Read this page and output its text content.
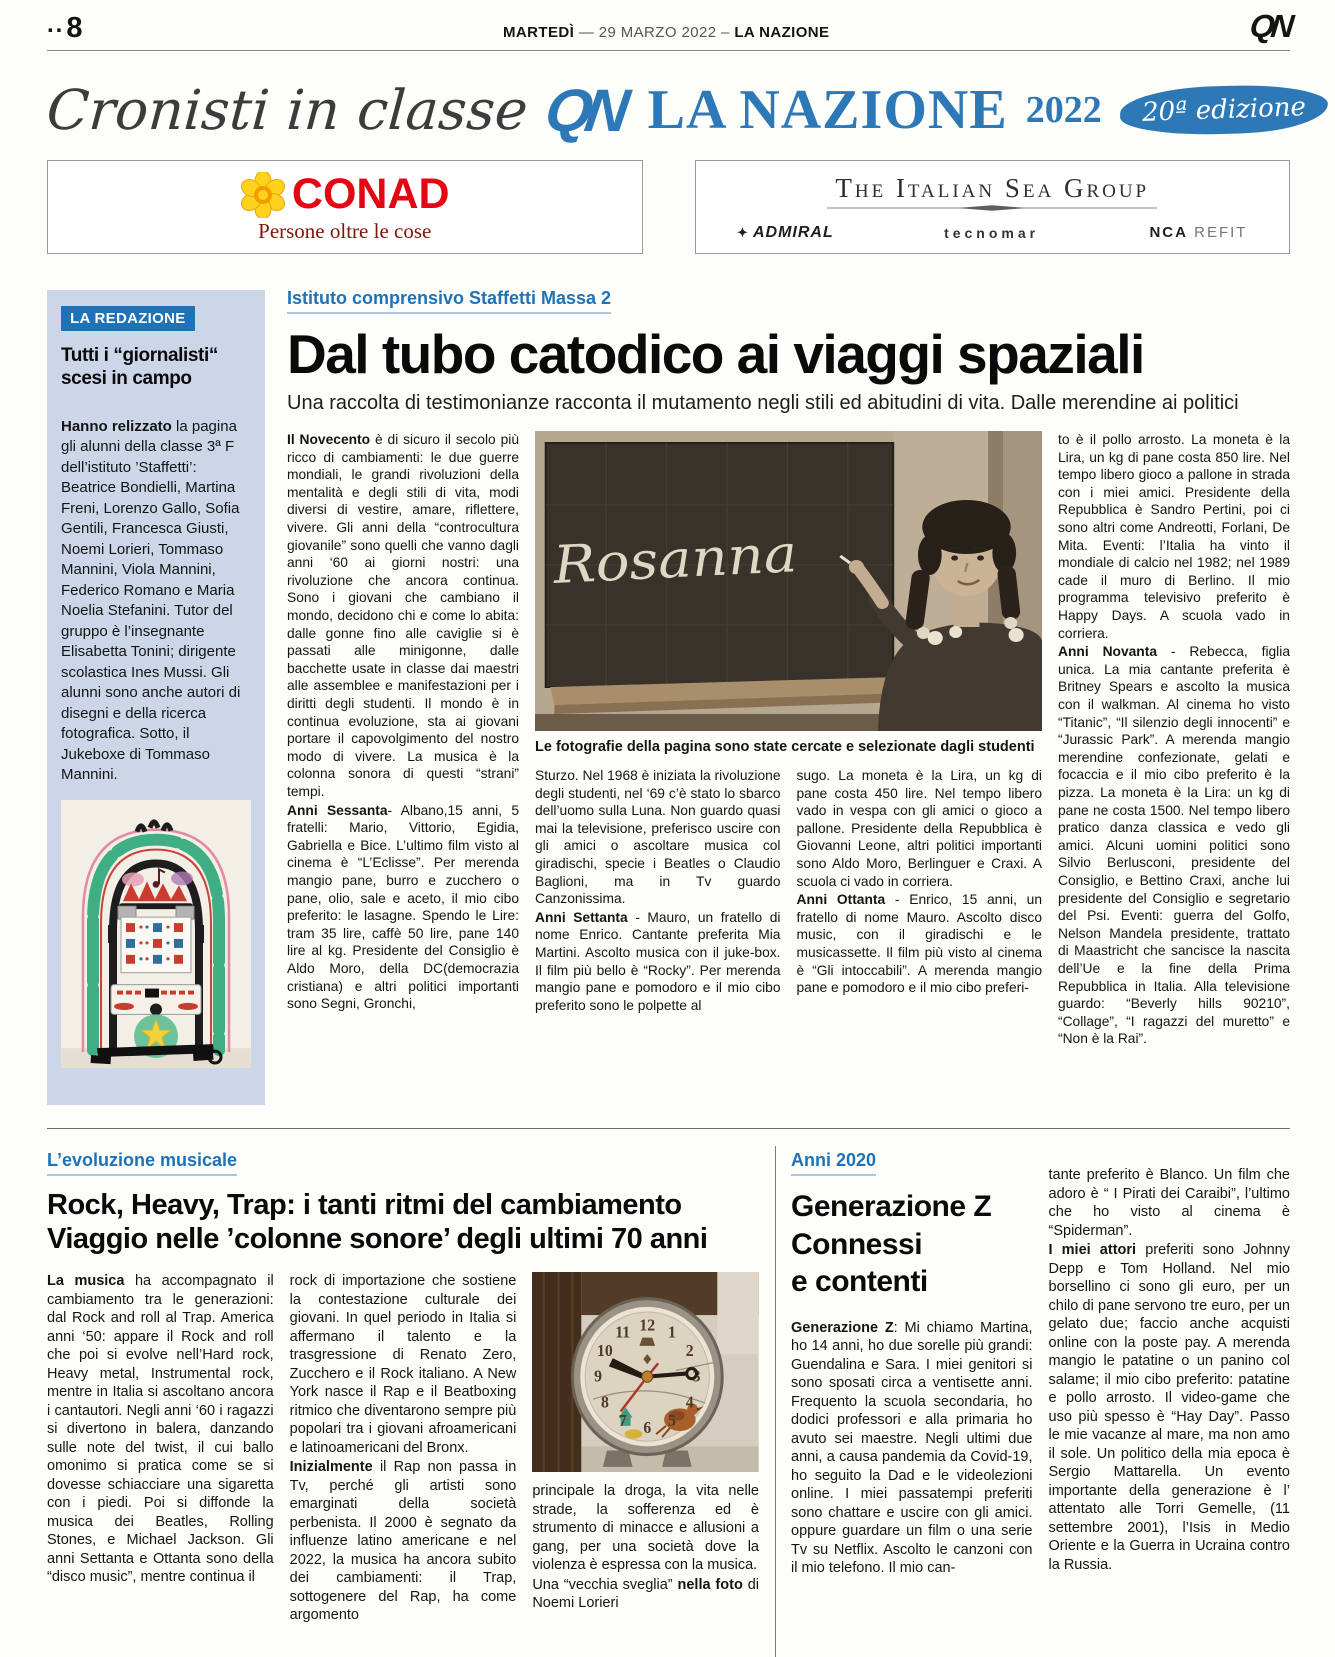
..8	MARTEDÌ — 29 MARZO 2022 – LA NAZIONE	QN
Cronisti in classe QN LA NAZIONE 2022	20ª edizione
CONAD
Persone oltre le cose
The Italian Sea Group
✦ ADMIRAL	tecnomar	NCA REFIT
LA REDAZIONE
Tutti i “giornalisti“ scesi in campo

Hanno relizzato la pagina gli alunni della classe 3ª F dell’istituto ’Staffetti’: Beatrice Bondielli, Martina Freni, Lorenzo Gallo, Sofia Gentili, Francesca Giusti, Noemi Lorieri, Tommaso Mannini, Viola Mannini, Federico Romano e Maria Noelia Stefanini. Tutor del gruppo è l’insegnante Elisabetta Tonini; dirigente scolastica Ines Mussi. Gli alunni sono anche autori di disegni e della ricerca fotografica. Sotto, il Jukeboxe di Tommaso Mannini.

Istituto comprensivo Staffetti Massa 2
Dal tubo catodico ai viaggi spaziali
Una raccolta di testimonianze racconta il mutamento negli stili ed abitudini di vita. Dalle merendine ai politici

Il Novecento è di sicuro il secolo più ricco di cambiamenti: le due guerre mondiali, le grandi rivoluzioni della mentalità e degli stili di vita, modi diversi di vestire, amare, riflettere, vivere. Gli anni della “controcultura giovanile” sono quelli che vanno dagli anni ‘60 ai giorni nostri: una rivoluzione che ancora continua. Sono i giovani che cambiano il mondo, decidono chi e come lo abita: dalle gonne fino alle caviglie si è passati alle minigonne, dalle bacchette usate in classe dai maestri alle assemblee e manifestazioni per i diritti degli studenti. Il mondo è in continua evoluzione, sta ai giovani portare il capovolgimento del nostro modo di vivere. La musica è la colonna sonora di questi “strani” tempi.

Anni Sessanta- Albano,15 anni, 5 fratelli: Mario, Vittorio, Egidia, Gabriella e Bice. L’ultimo film visto al cinema è “L’Eclisse”. Per merenda mangio pane, burro e zucchero o pane, olio, sale e aceto, il mio cibo preferito: le lasagne. Spendo le Lire: tram 35 lire, caffè 50 lire, pane 140 lire al kg. Presidente del Consiglio è Aldo Moro, della DC(democrazia cristiana) e altri politici importanti sono Segni, Gronchi,

Rosanna
Le fotografie della pagina sono state cercate e selezionate dagli studenti

Sturzo. Nel 1968 è iniziata la rivoluzione degli studenti, nel ‘69 c’è stato lo sbarco dell’uomo sulla Luna. Non guardo quasi mai la televisione, preferisco uscire con gli amici o ascoltare musica col giradischi, specie i Beatles o Claudio Baglioni, ma in Tv guardo Canzonissima.

Anni Settanta - Mauro, un fratello di nome Enrico. Cantante preferita Mia Martini. Ascolto musica con il juke-box. Il film più bello è “Rocky”. Per merenda mangio pane e pomodoro e il mio cibo preferito sono le polpette al

sugo. La moneta è la Lira, un kg di pane costa 450 lire. Nel tempo libero vado in vespa con gli amici o gioco a pallone. Presidente della Repubblica è Giovanni Leone, altri politici importanti sono Aldo Moro, Berlinguer e Craxi. A scuola ci vado in corriera.

Anni Ottanta - Enrico, 15 anni, un fratello di nome Mauro. Ascolto disco music, con il giradischi e le musicassette. Il film più visto al cinema è “Gli intoccabili”. A merenda mangio pane e pomodoro e il mio cibo preferi-

to è il pollo arrosto. La moneta è la Lira, un kg di pane costa 850 lire. Nel tempo libero gioco a pallone in strada con i miei amici. Presidente della Repubblica è Sandro Pertini, poi ci sono altri come Andreotti, Forlani, De Mita. Eventi: l’Italia ha vinto il mondiale di calcio nel 1982; nel 1989 cade il muro di Berlino. Il mio programma televisivo preferito è Happy Days. A scuola vado in corriera.

Anni Novanta - Rebecca, figlia unica. La mia cantante preferita è Britney Spears e ascolto la musica con il walkman. Al cinema ho visto “Titanic”, “Il silenzio degli innocenti” e “Jurassic Park”. A merenda mangio merendine confezionate, gelati e focaccia e il mio cibo preferito è la pizza. La moneta è la Lira: un kg di pane ne costa 1500. Nel tempo libero pratico danza classica e vedo gli amici. Alcuni uomini politici sono Silvio Berlusconi, presidente del Consiglio, e Bettino Craxi, anche lui presidente del Consiglio e segretario del Psi. Eventi: guerra del Golfo, Nelson Mandela presidente, trattato di Maastricht che sancisce la nascita dell’Ue e la fine della Prima Repubblica in Italia. Alla televisione guardo: “Beverly hills 90210”, “Collage”, “I ragazzi del muretto” e “Non è la Rai”.

L’evoluzione musicale
Rock, Heavy, Trap: i tanti ritmi del cambiamento
Viaggio nelle ’colonne sonore’ degli ultimi 70 anni

La musica ha accompagnato il cambiamento tra le generazioni: dal Rock and roll al Trap. America anni ‘50: appare il Rock and roll che poi si evolve nell’Hard rock, Heavy metal, Instrumental rock, mentre in Italia si ascoltano ancora i cantautori. Negli anni ‘60 i ragazzi si divertono in balera, danzando sulle note del twist, il cui ballo omonimo si pratica come se si dovesse schiacciare una sigaretta con i piedi. Poi si diffonde la musica dei Beatles, Rolling Stones, e Michael Jackson. Gli anni Settanta e Ottanta sono della “disco music”, mentre continua il

rock di importazione che sostiene la contestazione culturale dei giovani. In quel periodo in Italia si affermano il talento e la trasgressione di Renato Zero, Zucchero e il Rock italiano. A New York nasce il Rap e il Beatboxing ritmico che diventarono sempre più popolari tra i giovani afroamericani e latinoamericani del Bronx.

Inizialmente il Rap non passa in Tv, perché gli artisti sono emarginati della società perbenista. Il 2000 è segnato da influenze latino americane e nel 2022, la musica ha ancora subito dei cambiamenti: il Trap, sottogenere del Rap, ha come argomento

12 1
2
3
4
5
6
7
8
9
10
11

principale la droga, la vita nelle strade, la sofferenza ed è strumento di minacce e allusioni a gang, per una società dove la violenza è espressa con la musica.

Una “vecchia sveglia” nella foto di Noemi Lorieri

Anni 2020
Generazione Z
Connessi
e contenti

Generazione Z: Mi chiamo Martina, ho 14 anni, ho due sorelle più grandi: Guendalina e Sara. I miei genitori si sono sposati circa a ventisette anni. Frequento la scuola secondaria, ho dodici professori e alla primaria ho avuto sei maestre. Negli ultimi due anni, a causa pandemia da Covid-19, ho seguito la Dad e le videolezioni online. I miei passatempi preferiti sono chattare e uscire con gli amici. oppure guardare un film o una serie Tv su Netflix. Ascolto le canzoni con il mio telefono. Il mio can-

tante preferito è Blanco. Un film che adoro è “ I Pirati dei Caraibi”, l’ultimo che ho visto al cinema è “Spiderman”.

I miei attori preferiti sono Johnny Depp e Tom Holland. Nel mio borsellino ci sono gli euro, per un chilo di pane servono tre euro, per un gelato due; faccio anche acquisti online con la poste pay. A merenda mangio le patatine o un panino col salame; il mio cibo preferito: patatine e pollo arrosto. Il video-game che uso più spesso è “Hay Day”. Passo le mie vacanze al mare, ma non amo il sole. Un politico della mia epoca è Sergio Mattarella. Un evento importante della generazione è l’ attentato alle Torri Gemelle, (11 settembre 2001), l’Isis in Medio Oriente e la Guerra in Ucraina contro la Russia.
